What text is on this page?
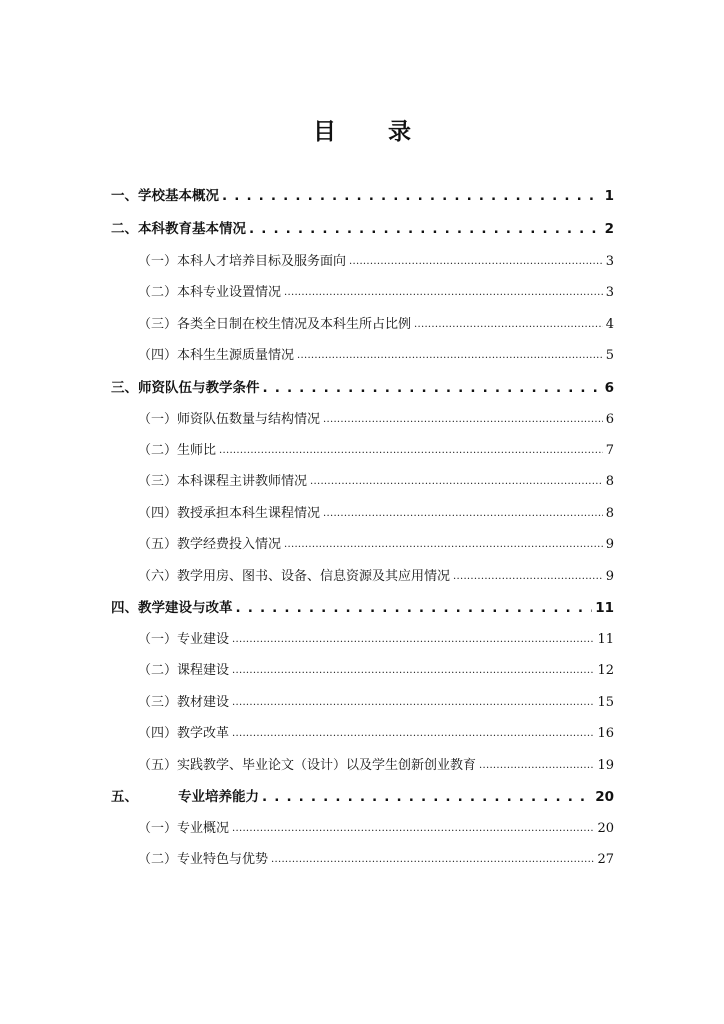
目 录
一、学校基本概况 . . .	1
二、本科教育基本情况 . . .	2
（一）本科人才培养目标及服务面向 .....	3
（二）本科专业设置情况 .....	3
（三）各类全日制在校生情况及本科生所占比例 .....	4
（四）本科生生源质量情况 .....	5
三、师资队伍与教学条件 . . .	6
（一）师资队伍数量与结构情况 .....	6
（二）生师比 .....	7
（三）本科课程主讲教师情况 .....	8
（四）教授承担本科生课程情况 .....	8
（五）教学经费投入情况 .....	9
（六）教学用房、图书、设备、信息资源及其应用情况 .....	9
四、教学建设与改革 . . .	11
（一）专业建设 .....	11
（二）课程建设 .....	12
（三）教材建设 .....	15
（四）教学改革 .....	16
（五）实践教学、毕业论文（设计）以及学生创新创业教育 .....	19
五、	专业培养能力 . . .	20
（一）专业概况 .....	20
（二）专业特色与优势 .....	27
